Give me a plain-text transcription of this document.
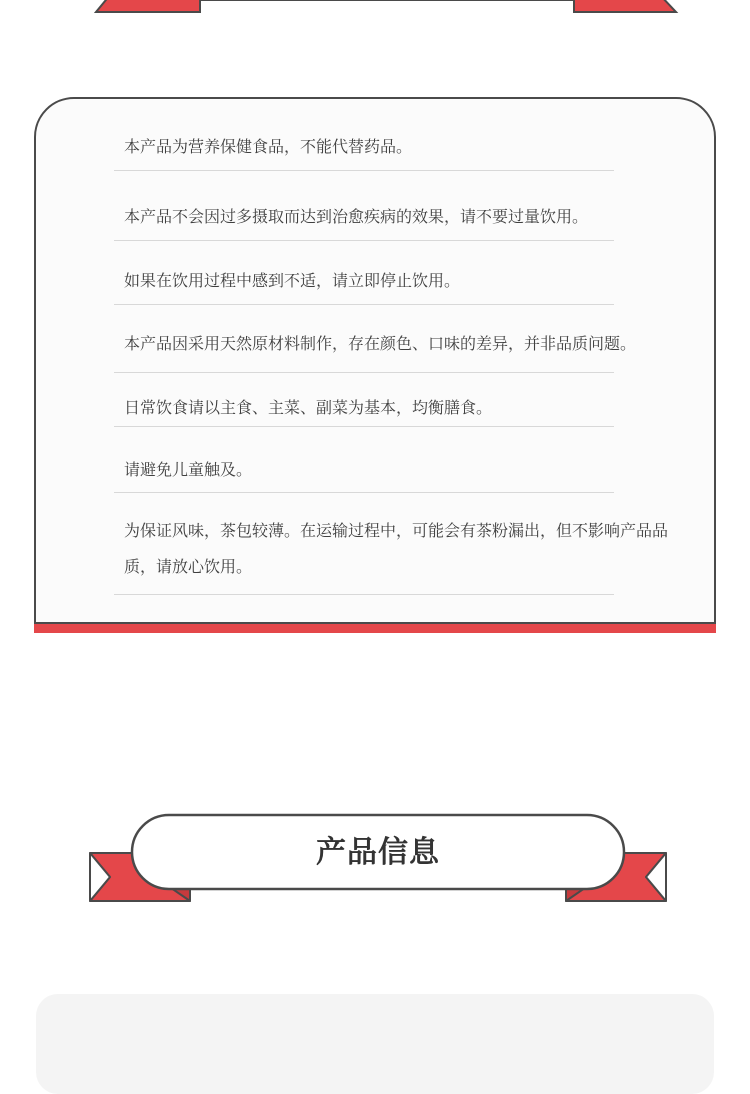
本产品为营养保健食品，不能代替药品。
本产品不会因过多摄取而达到治愈疾病的效果，请不要过量饮用。
如果在饮用过程中感到不适，请立即停止饮用。
本产品因采用天然原材料制作，存在颜色、口味的差异，并非品质问题。
日常饮食请以主食、主菜、副菜为基本，均衡膳食。
请避免儿童触及。
为保证风味，茶包较薄。在运输过程中，可能会有茶粉漏出，但不影响产品品质，请放心饮用。
产品信息
